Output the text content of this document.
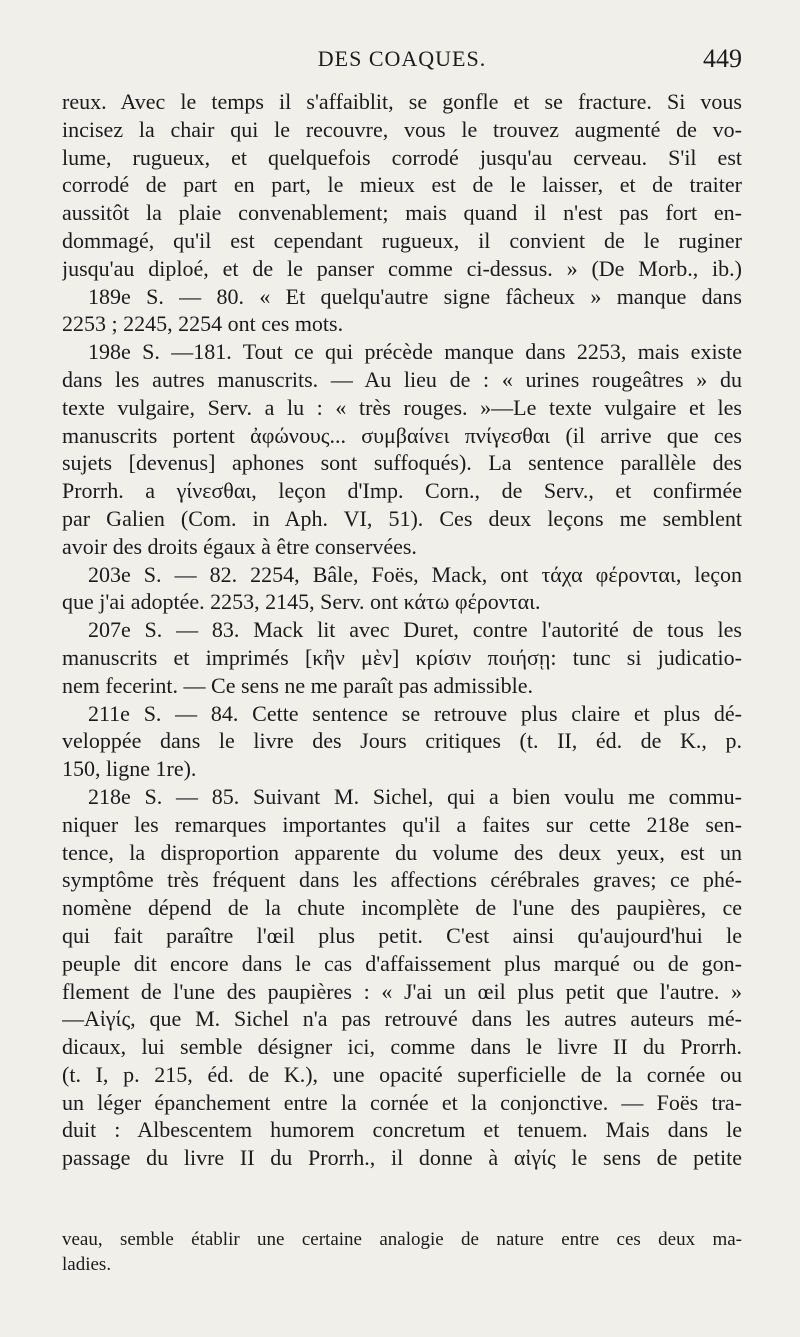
DES COAQUES.	449
reux. Avec le temps il s'affaiblit, se gonfle et se fracture. Si vous
incisez la chair qui le recouvre, vous le trouvez augmenté de vo-
lume, rugueux, et quelquefois corrodé jusqu'au cerveau. S'il est
corrodé de part en part, le mieux est de le laisser, et de traiter
aussitôt la plaie convenablement; mais quand il n'est pas fort en-
dommagé, qu'il est cependant rugueux, il convient de le ruginer
jusqu'au diploé, et de le panser comme ci-dessus. » (De Morb., ib.)
189e S. — 80. « Et quelqu'autre signe fâcheux » manque dans
2253 ; 2245, 2254 ont ces mots.
198e S. —181. Tout ce qui précède manque dans 2253, mais existe
dans les autres manuscrits. — Au lieu de : « urines rougeâtres » du
texte vulgaire, Serv. a lu : « très rouges. »—Le texte vulgaire et les
manuscrits portent ἀφώνους... συμβαίνει πνίγεσθαι (il arrive que ces
sujets [devenus] aphones sont suffoqués). La sentence parallèle des
Prorrh. a γίνεσθαι, leçon d'Imp. Corn., de Serv., et confirmée
par Galien (Com. in Aph. VI, 51). Ces deux leçons me semblent
avoir des droits égaux à être conservées.
203e S. — 82. 2254, Bâle, Foës, Mack, ont τάχα φέρονται, leçon
que j'ai adoptée. 2253, 2145, Serv. ont κάτω φέρονται.
207e S. — 83. Mack lit avec Duret, contre l'autorité de tous les
manuscrits et imprimés [κἢν μὲν] κρίσιν ποιήσῃ: tunc si judicatio-
nem fecerint. — Ce sens ne me paraît pas admissible.
211e S. — 84. Cette sentence se retrouve plus claire et plus dé-
veloppée dans le livre des Jours critiques (t. II, éd. de K., p.
150, ligne 1re).
218e S. — 85. Suivant M. Sichel, qui a bien voulu me commu-
niquer les remarques importantes qu'il a faites sur cette 218e sen-
tence, la disproportion apparente du volume des deux yeux, est un
symptôme très fréquent dans les affections cérébrales graves; ce phé-
nomène dépend de la chute incomplète de l'une des paupières, ce
qui fait paraître l'œil plus petit. C'est ainsi qu'aujourd'hui le
peuple dit encore dans le cas d'affaissement plus marqué ou de gon-
flement de l'une des paupières : « J'ai un œil plus petit que l'autre. »
—Αἰγίς, que M. Sichel n'a pas retrouvé dans les autres auteurs mé-
dicaux, lui semble désigner ici, comme dans le livre II du Prorrh.
(t. I, p. 215, éd. de K.), une opacité superficielle de la cornée ou
un léger épanchement entre la cornée et la conjonctive. — Foës tra-
duit : Albescentem humorem concretum et tenuem. Mais dans le
passage du livre II du Prorrh., il donne à αἰγίς le sens de petite
veau, semble établir une certaine analogie de nature entre ces deux ma-
ladies.
